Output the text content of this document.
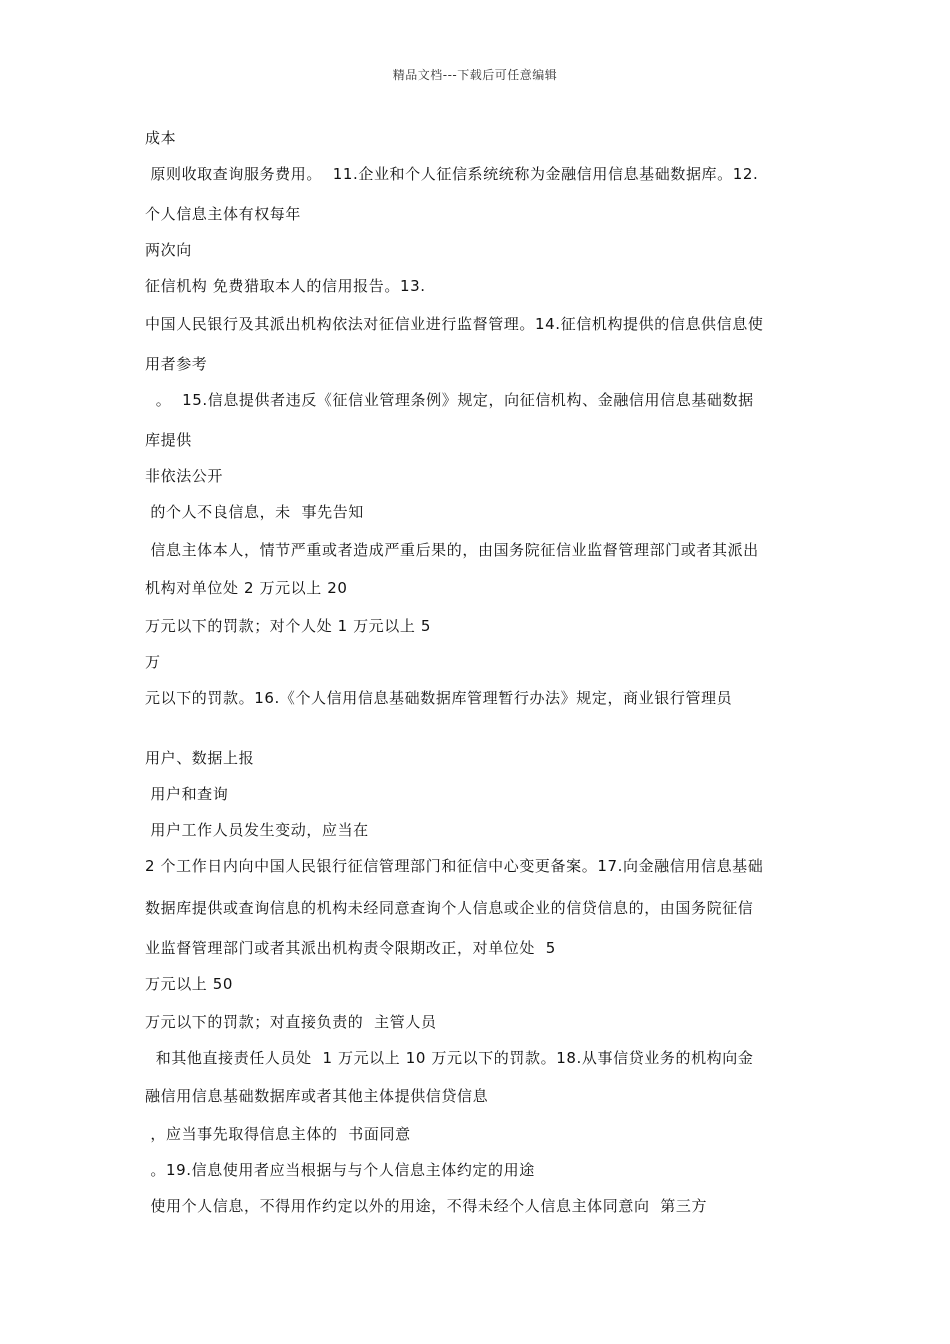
精品文档---下载后可任意编辑
成本
原则收取查询服务费用。  11.企业和个人征信系统统称为金融信用信息基础数据库。12.
个人信息主体有权每年
两次向
征信机构 免费猎取本人的信用报告。13.
中国人民银行及其派出机构依法对征信业进行监督管理。14.征信机构提供的信息供信息使
用者参考
。  15.信息提供者违反《征信业管理条例》规定，向征信机构、金融信用信息基础数据
库提供
非依法公开
的个人不良信息，未  事先告知
信息主体本人，情节严重或者造成严重后果的，由国务院征信业监督管理部门或者其派出
机构对单位处 2 万元以上 20
万元以下的罚款；对个人处 1 万元以上 5
万
元以下的罚款。16.《个人信用信息基础数据库管理暂行办法》规定，商业银行管理员
用户、数据上报
用户和查询
用户工作人员发生变动，应当在
2 个工作日内向中国人民银行征信管理部门和征信中心变更备案。17.向金融信用信息基础
数据库提供或查询信息的机构未经同意查询个人信息或企业的信贷信息的，由国务院征信
业监督管理部门或者其派出机构责令限期改正，对单位处  5
万元以上 50
万元以下的罚款；对直接负责的  主管人员
和其他直接责任人员处  1 万元以上 10 万元以下的罚款。18.从事信贷业务的机构向金
融信用信息基础数据库或者其他主体提供信贷信息
，应当事先取得信息主体的  书面同意
。19.信息使用者应当根据与与个人信息主体约定的用途
使用个人信息，不得用作约定以外的用途，不得未经个人信息主体同意向  第三方
